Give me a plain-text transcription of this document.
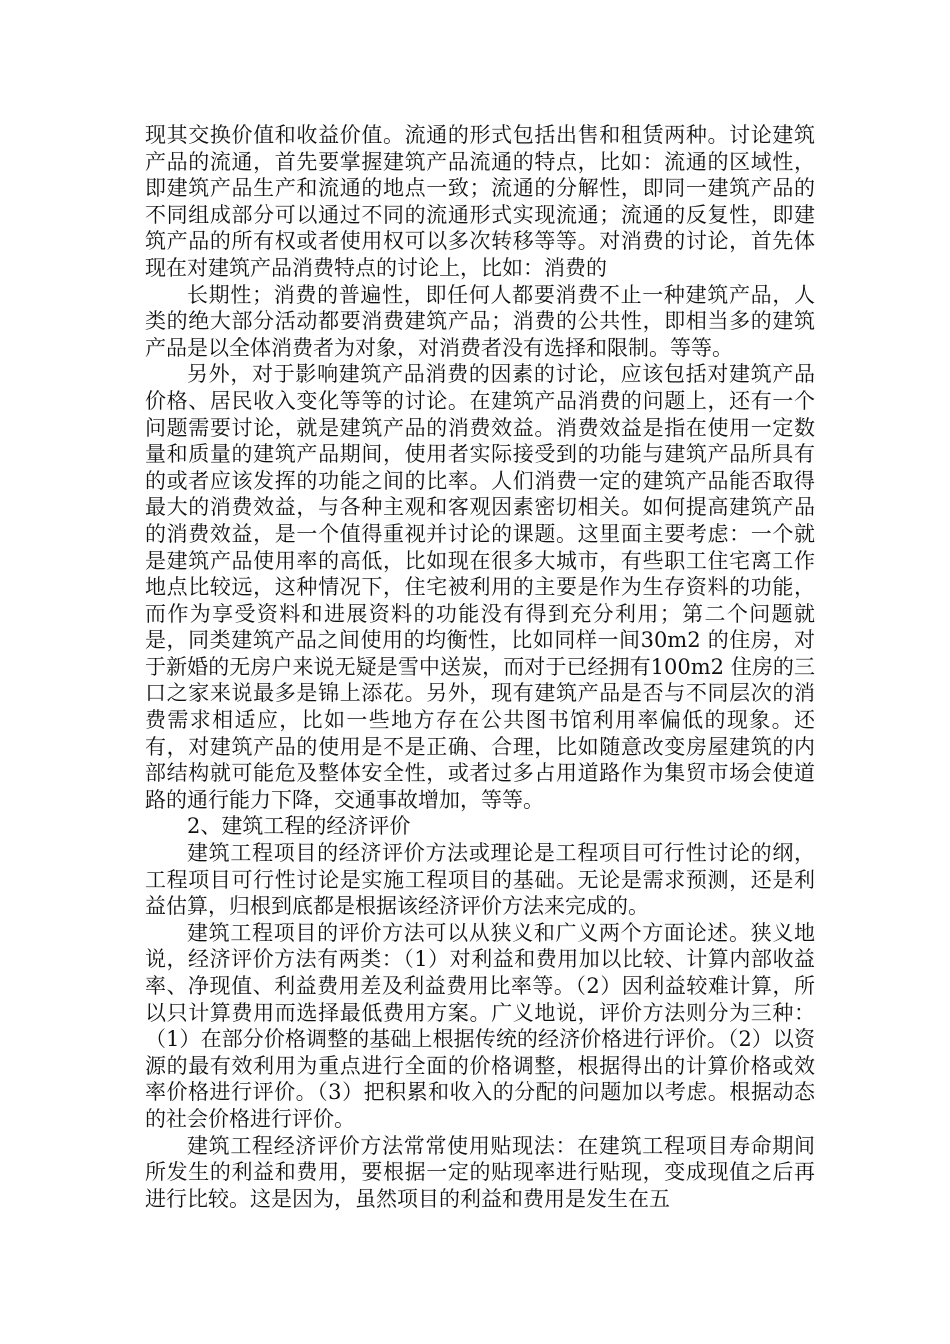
现其交换价值和收益价值。流通的形式包括出售和租赁两种。讨论建筑产品的流通，首先要掌握建筑产品流通的特点，比如：流通的区域性，即建筑产品生产和流通的地点一致；流通的分解性，即同一建筑产品的不同组成部分可以通过不同的流通形式实现流通；流通的反复性，即建筑产品的所有权或者使用权可以多次转移等等。对消费的讨论，首先体现在对建筑产品消费特点的讨论上，比如：消费的

长期性；消费的普遍性，即任何人都要消费不止一种建筑产品，人类的绝大部分活动都要消费建筑产品；消费的公共性，即相当多的建筑产品是以全体消费者为对象，对消费者没有选择和限制。等等。

另外，对于影响建筑产品消费的因素的讨论，应该包括对建筑产品价格、居民收入变化等等的讨论。在建筑产品消费的问题上，还有一个问题需要讨论，就是建筑产品的消费效益。消费效益是指在使用一定数量和质量的建筑产品期间，使用者实际接受到的功能与建筑产品所具有的或者应该发挥的功能之间的比率。人们消费一定的建筑产品能否取得最大的消费效益，与各种主观和客观因素密切相关。如何提高建筑产品的消费效益，是一个值得重视并讨论的课题。这里面主要考虑：一个就是建筑产品使用率的高低，比如现在很多大城市，有些职工住宅离工作地点比较远，这种情况下，住宅被利用的主要是作为生存资料的功能，而作为享受资料和进展资料的功能没有得到充分利用；第二个问题就是，同类建筑产品之间使用的均衡性，比如同样一间30m2 的住房，对于新婚的无房户来说无疑是雪中送炭，而对于已经拥有100m2 住房的三口之家来说最多是锦上添花。另外，现有建筑产品是否与不同层次的消费需求相适应，比如一些地方存在公共图书馆利用率偏低的现象。还有，对建筑产品的使用是不是正确、合理，比如随意改变房屋建筑的内部结构就可能危及整体安全性，或者过多占用道路作为集贸市场会使道路的通行能力下降，交通事故增加，等等。

2、建筑工程的经济评价

建筑工程项目的经济评价方法或理论是工程项目可行性讨论的纲，工程项目可行性讨论是实施工程项目的基础。无论是需求预测，还是利益估算，归根到底都是根据该经济评价方法来完成的。

建筑工程项目的评价方法可以从狭义和广义两个方面论述。狭义地说，经济评价方法有两类：（1）对利益和费用加以比较、计算内部收益率、净现值、利益费用差及利益费用比率等。（2）因利益较难计算，所以只计算费用而选择最低费用方案。广义地说，评价方法则分为三种：（1）在部分价格调整的基础上根据传统的经济价格进行评价。（2）以资源的最有效利用为重点进行全面的价格调整，根据得出的计算价格或效率价格进行评价。（3）把积累和收入的分配的问题加以考虑。根据动态的社会价格进行评价。

建筑工程经济评价方法常常使用贴现法：在建筑工程项目寿命期间所发生的利益和费用，要根据一定的贴现率进行贴现，变成现值之后再进行比较。这是因为，虽然项目的利益和费用是发生在五
